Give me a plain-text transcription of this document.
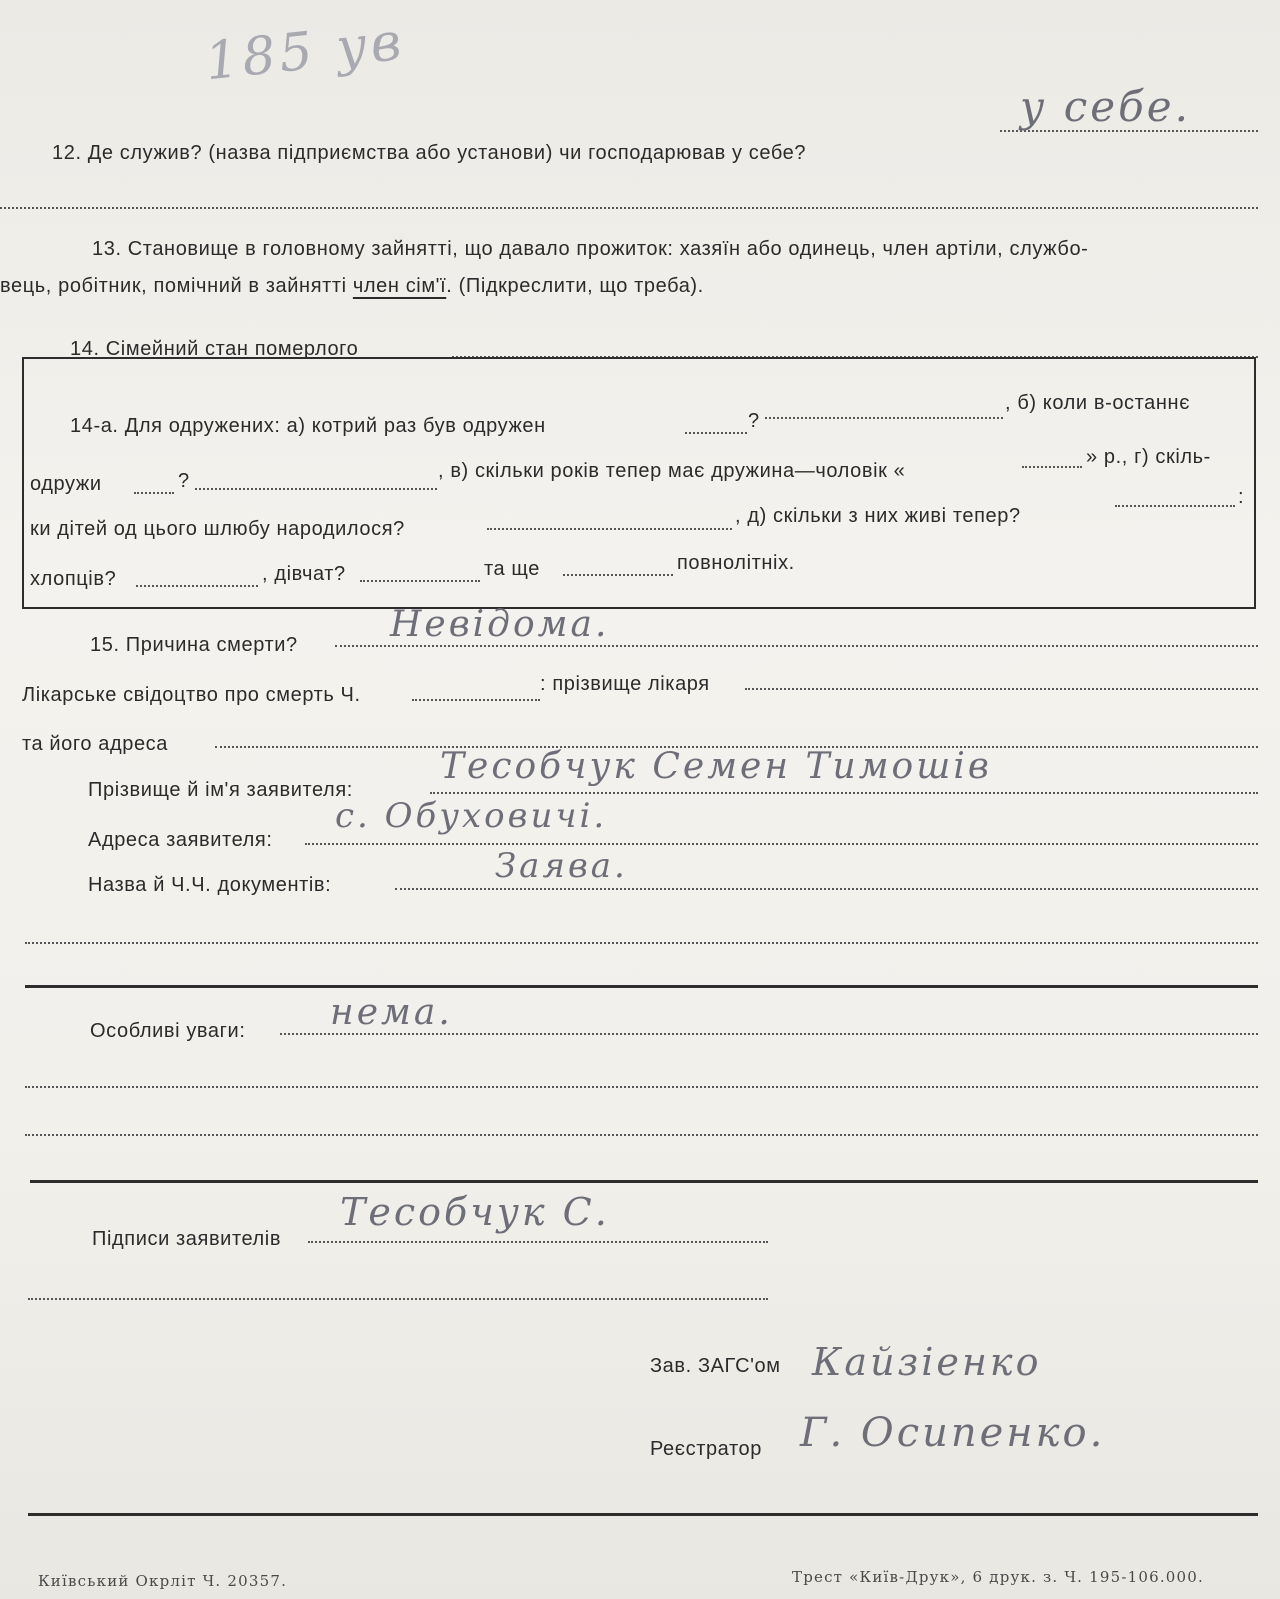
185 ув
12. Де служив? (назва підприємства або установи) чи господарював у себе?
у себе.
13. Становище в головному зайнятті, що давало прожиток: хазяїн або одинець, член артіли, службо-
вець, робітник, помічний в зайнятті член сім'ї. (Підкреслити, що треба).
14. Сімейний стан померлого
14-а. Для одружених: а) котрий раз був одружен	?
, б) коли в-останнє
одружи	?	, в) скільки років тепер має дружина—чоловік «
» р., г) скіль-
ки дітей од цього шлюбу народилося?
, д) скільки з них живі тепер?
:
хлопців?	, дівчат?	та ще	повнолітніх.
15. Причина смерти?	Невідома.
Лікарське свідоцтво про смерть Ч.	: прізвище лікаря
та його адреса
Прізвище й ім'я заявителя:
Тесобчук Семен Тимошів
Адреса заявителя:
с. Обуховичі.
Назва й Ч.Ч. документів:	Заява.
Особливі уваги: нема.
Підписи заявителів
Тесобчук С.
Зав. ЗАГС'ом Кайзіенко
Реєстратор Г. Осипенко.
Київський Окрліт Ч. 20357.	Трест «Київ-Друк», 6 друк. з. Ч. 195-106.000.
